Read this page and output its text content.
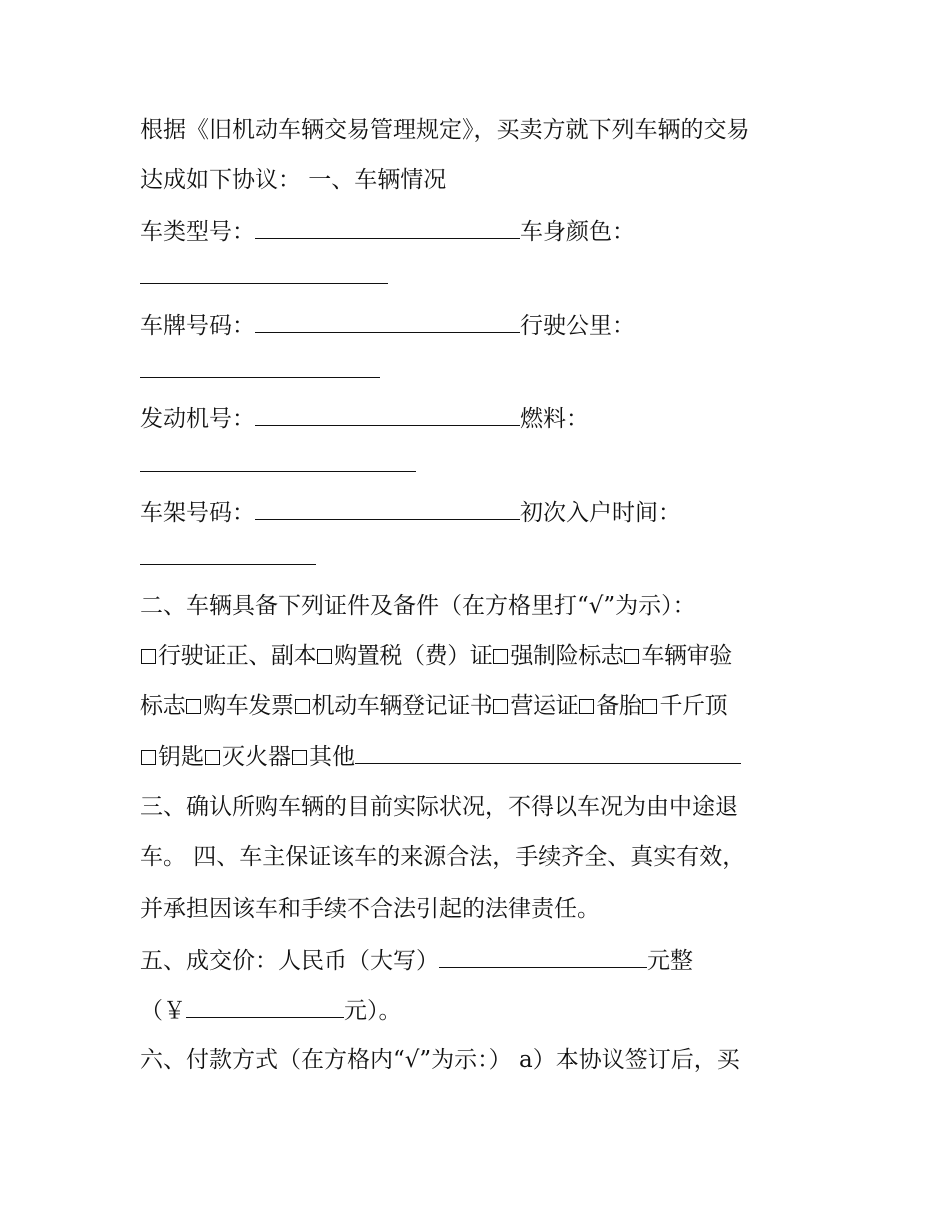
根据《旧机动车辆交易管理规定》，买卖方就下列车辆的交易
达成如下协议： 一、车辆情况
车类型号：	车身颜色：
车牌号码：	行驶公里：
发动机号：	燃料：
车架号码：	初次入户时间：
二、车辆具备下列证件及备件（在方格里打“√”为示）：
行驶证正、副本 购置税（费）证 强制险标志 车辆审验
标志 购车发票 机动车辆登记证书 营运证 备胎 千斤顶
钥匙 灭火器 其他
三、确认所购车辆的目前实际状况，不得以车况为由中途退
车。 四、车主保证该车的来源合法，手续齐全、真实有效，
并承担因该车和手续不合法引起的法律责任。
五、成交价：人民币（大写）	元整
（￥	元）。
六、付款方式（在方格内“√”为示：） a）本协议签订后，买
